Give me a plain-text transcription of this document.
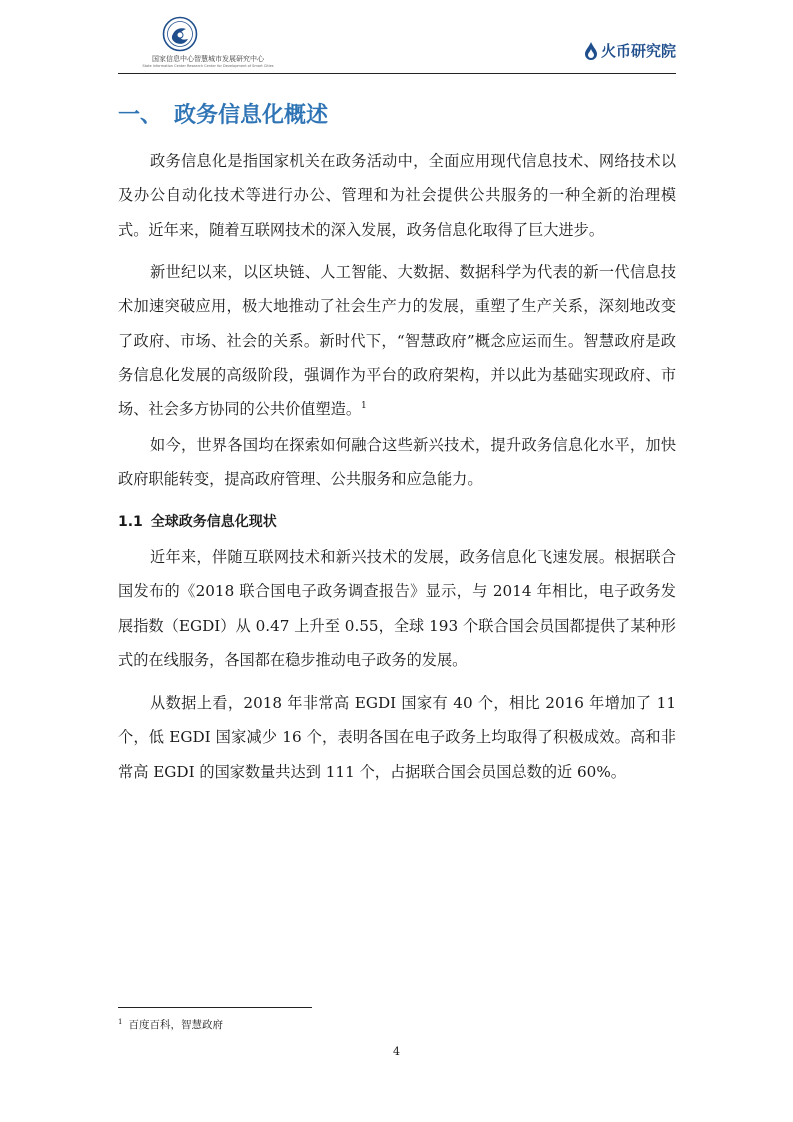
国家信息中心智慧城市发展研究中心
State Information Center Research Center for Development of Smart Cities
火币研究院
一、 政务信息化概述

政务信息化是指国家机关在政务活动中，全面应用现代信息技术、网络技术以及办公自动化技术等进行办公、管理和为社会提供公共服务的一种全新的治理模式。近年来，随着互联网技术的深入发展，政务信息化取得了巨大进步。

新世纪以来，以区块链、人工智能、大数据、数据科学为代表的新一代信息技术加速突破应用，极大地推动了社会生产力的发展，重塑了生产关系，深刻地改变了政府、市场、社会的关系。新时代下，“智慧政府”概念应运而生。智慧政府是政务信息化发展的高级阶段，强调作为平台的政府架构，并以此为基础实现政府、市场、社会多方协同的公共价值塑造。$^1$

如今，世界各国均在探索如何融合这些新兴技术，提升政务信息化水平，加快政府职能转变，提高政府管理、公共服务和应急能力。

1.1 全球政务信息化现状

近年来，伴随互联网技术和新兴技术的发展，政务信息化飞速发展。根据联合国发布的《2018 联合国电子政务调查报告》显示，与 2014 年相比，电子政务发展指数（EGDI）从 0.47 上升至 0.55，全球 193 个联合国会员国都提供了某种形式的在线服务，各国都在稳步推动电子政务的发展。

从数据上看，2018 年非常高 EGDI 国家有 40 个，相比 2016 年增加了 11 个，低 EGDI 国家减少 16 个，表明各国在电子政务上均取得了积极成效。高和非常高 EGDI 的国家数量共达到 111 个，占据联合国会员国总数的近 60%。

$^1$ 百度百科，智慧政府
4
